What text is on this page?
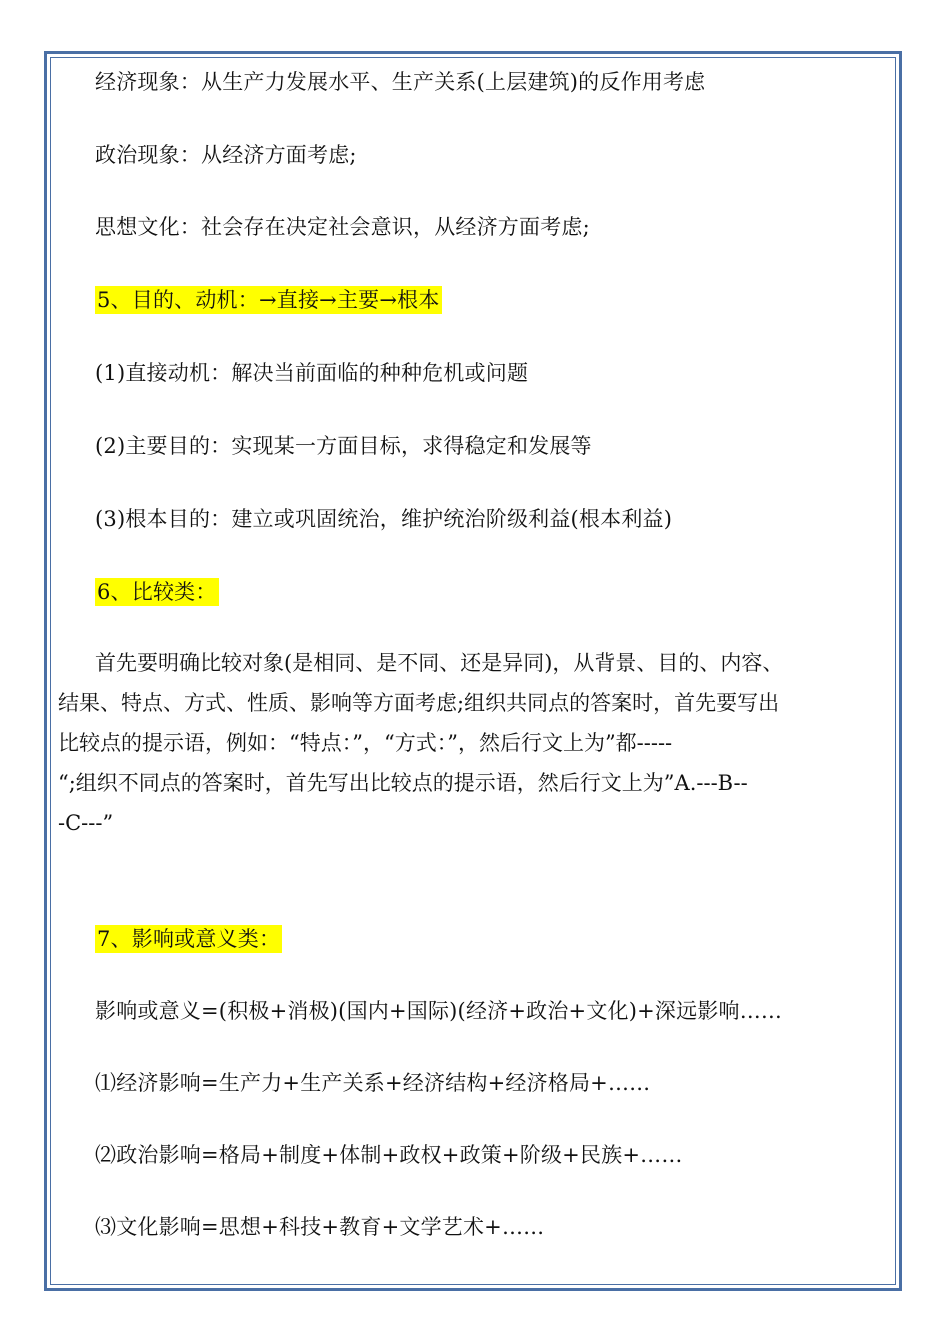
经济现象：从生产力发展水平、生产关系(上层建筑)的反作用考虑
政治现象：从经济方面考虑;
思想文化：社会存在决定社会意识，从经济方面考虑;
5、目的、动机：→直接→主要→根本
(1)直接动机：解决当前面临的种种危机或问题
(2)主要目的：实现某一方面目标，求得稳定和发展等
(3)根本目的：建立或巩固统治，维护统治阶级利益(根本利益)
6、比较类：
首先要明确比较对象(是相同、是不同、还是异同)，从背景、目的、内容、
结果、特点、方式、性质、影响等方面考虑;组织共同点的答案时，首先要写出
比较点的提示语，例如：“特点：”，“方式：”，然后行文上为”都-----
“;组织不同点的答案时，首先写出比较点的提示语，然后行文上为”A.---B--
-C---”
7、影响或意义类：
影响或意义=(积极+消极)(国内+国际)(经济+政治+文化)+深远影响……
⑴经济影响=生产力+生产关系+经济结构+经济格局+……
⑵政治影响=格局+制度+体制+政权+政策+阶级+民族+……
⑶文化影响=思想+科技+教育+文学艺术+……
